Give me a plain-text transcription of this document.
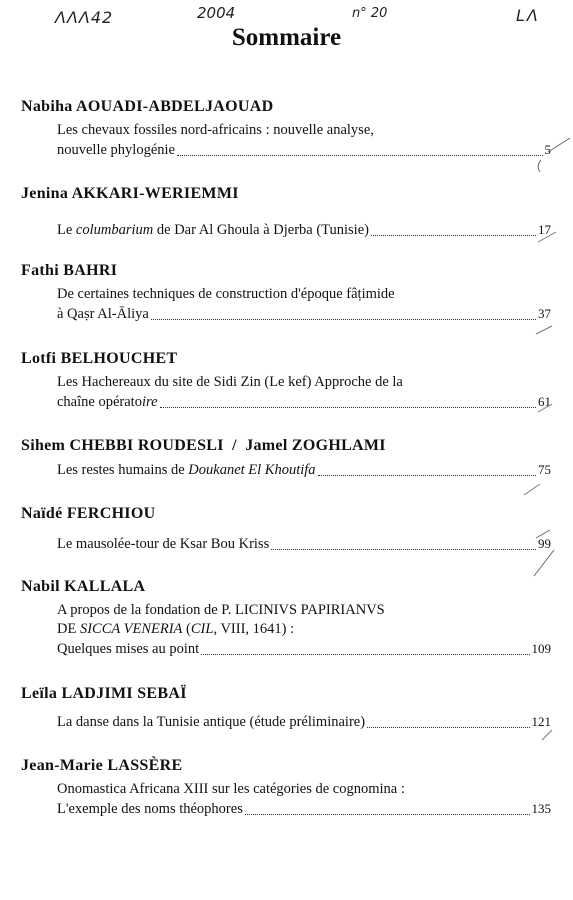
ΛΛΛ42	2004	n° 20	LΛ
Sommaire

Nabiha AOUADI-ABDELJAOUAD

Les chevaux fossiles nord-africains : nouvelle analyse,
nouvelle phylogénie	5

Jenina AKKARI-WERIEMMI

Le columbarium de Dar Al Ghoula à Djerba (Tunisie)	17

Fathi BAHRI

De certaines techniques de construction d'époque fâṭimide
à Qaṣr Al-Āliya	37

Lotfi BELHOUCHET

Les Hachereaux du site de Sidi Zin (Le kef) Approche de la
chaîne opératoire	61

Sihem CHEBBI ROUDESLI / Jamel ZOGHLAMI

Les restes humains de Doukanet El Khoutifa	75

Naïdé FERCHIOU

Le mausolée-tour de Ksar Bou Kriss	99

Nabil KALLALA

A propos de la fondation de P. LICINIVS PAPIRIANVS
DE SICCA VENERIA (CIL, VIII, 1641) :
Quelques mises au point	109

Leïla LADJIMI SEBAÏ

La danse dans la Tunisie antique (étude préliminaire)	121

Jean-Marie LASSÈRE

Onomastica Africana XIII sur les catégories de cognomina :
L'exemple des noms théophores	135
